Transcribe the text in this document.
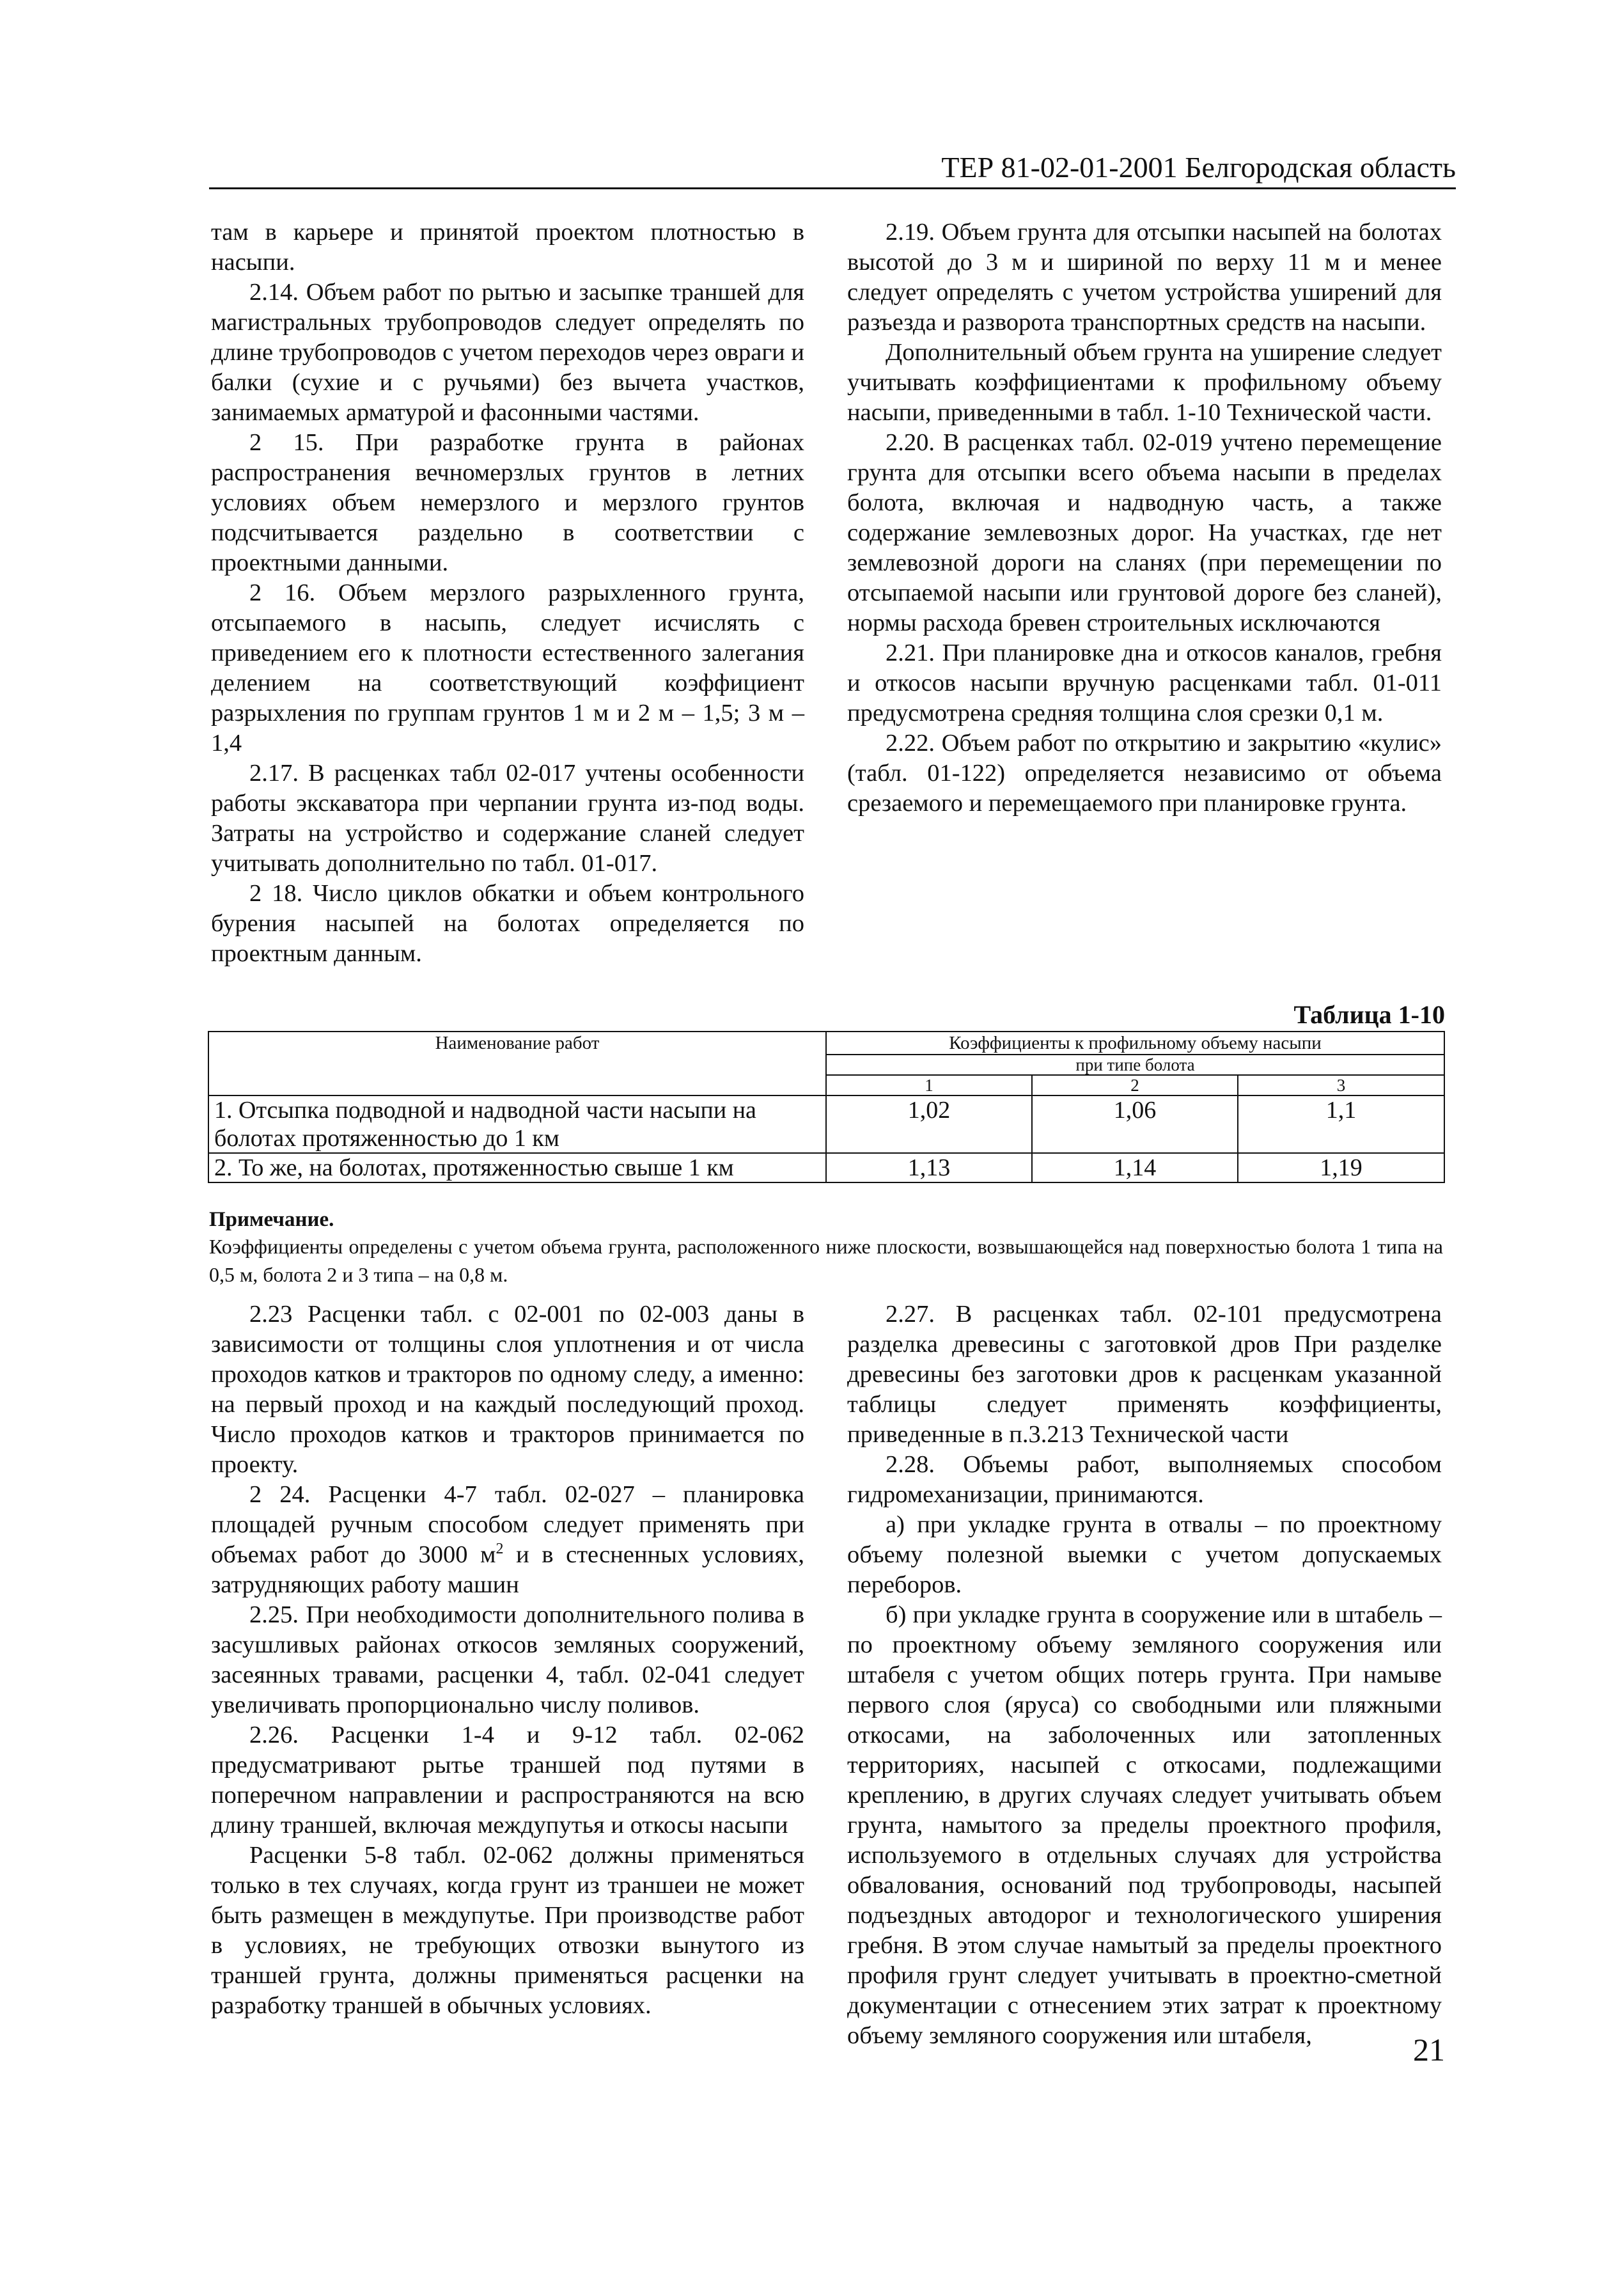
ТЕР 81-02-01-2001 Белгородская область

там в карьере и принятой проектом плотностью в насыпи.

2.14. Объем работ по рытью и засыпке траншей для магистральных трубопроводов следует определять по длине трубопроводов с учетом переходов через овраги и балки (сухие и с ручьями) без вычета участков, занимаемых арматурой и фасонными частями.

2 15. При разработке грунта в районах распространения вечномерзлых грунтов в летних условиях объем немерзлого и мерзлого грунтов подсчитывается раздельно в соответствии с проектными данными.

2 16. Объем мерзлого разрыхленного грунта, отсыпаемого в насыпь, следует исчислять с приведением его к плотности естественного залегания делением на соответствующий коэффициент разрыхления по группам грунтов 1 м и 2 м – 1,5; 3 м – 1,4

2.17. В расценках табл 02-017 учтены особенности работы экскаватора при черпании грунта из-под воды. Затраты на устройство и содержание сланей следует учитывать дополнительно по табл. 01-017.

2 18. Число циклов обкатки и объем контрольного бурения насыпей на болотах определяется по проектным данным.

2.19. Объем грунта для отсыпки насыпей на болотах высотой до 3 м и шириной по верху 11 м и менее следует определять с учетом устройства уширений для разъезда и разворота транспортных средств на насыпи.

Дополнительный объем грунта на уширение следует учитывать коэффициентами к профильному объему насыпи, приведенными в табл. 1-10 Технической части.

2.20. В расценках табл. 02-019 учтено перемещение грунта для отсыпки всего объема насыпи в пределах болота, включая и надводную часть, а также содержание землевозных дорог. На участках, где нет землевозной дороги на сланях (при перемещении по отсыпаемой насыпи или грунтовой дороге без сланей), нормы расхода бревен строительных исключаются

2.21. При планировке дна и откосов каналов, гребня и откосов насыпи вручную расценками табл. 01-011 предусмотрена средняя толщина слоя срезки 0,1 м.

2.22. Объем работ по открытию и закрытию «кулис» (табл. 01-122) определяется независимо от объема срезаемого и перемещаемого при планировке грунта.

Таблица 1-10
Наименование работ	Коэффициенты к профильному объему насыпи		
	при типе болота		
	1	2	3
1. Отсыпка подводной и надводной части насыпи на болотах протяженностью до 1 км	1,02	1,06	1,1
2. То же, на болотах, протяженностью свыше 1 км	1,13	1,14	1,19
Примечание.
Коэффициенты определены с учетом объема грунта, расположенного ниже плоскости, возвышающейся над поверхностью болота 1 типа на 0,5 м, болота 2 и 3 типа – на 0,8 м.

2.23 Расценки табл. с 02-001 по 02-003 даны в зависимости от толщины слоя уплотнения и от числа проходов катков и тракторов по одному следу, а именно: на первый проход и на каждый последующий проход. Число проходов катков и тракторов принимается по проекту.

2 24. Расценки 4-7 табл. 02-027 – планировка площадей ручным способом следует применять при объемах работ до 3000 $м^2$ и в стесненных условиях, затрудняющих работу машин

2.25. При необходимости дополнительного полива в засушливых районах откосов земляных сооружений, засеянных травами, расценки 4, табл. 02-041 следует увеличивать пропорционально числу поливов.

2.26. Расценки 1-4 и 9-12 табл. 02-062 предусматривают рытье траншей под путями в поперечном направлении и распространяются на всю длину траншей, включая междупутья и откосы насыпи

Расценки 5-8 табл. 02-062 должны применяться только в тех случаях, когда грунт из траншеи не может быть размещен в междупутье. При производстве работ в условиях, не требующих отвозки вынутого из траншей грунта, должны применяться расценки на разработку траншей в обычных условиях.

2.27. В расценках табл. 02-101 предусмотрена разделка древесины с заготовкой дров При разделке древесины без заготовки дров к расценкам указанной таблицы следует применять коэффициенты, приведенные в п.3.213 Технической части

2.28. Объемы работ, выполняемых способом гидромеханизации, принимаются.

а) при укладке грунта в отвалы – по проектному объему полезной выемки с учетом допускаемых переборов.

б) при укладке грунта в сооружение или в штабель – по проектному объему земляного сооружения или штабеля с учетом общих потерь грунта. При намыве первого слоя (яруса) со свободными или пляжными откосами, на заболоченных или затопленных территориях, насыпей с откосами, подлежащими креплению, в других случаях следует учитывать объем грунта, намытого за пределы проектного профиля, используемого в отдельных случаях для устройства обвалования, оснований под трубопроводы, насыпей подъездных автодорог и технологического уширения гребня. В этом случае намытый за пределы проектного профиля грунт следует учитывать в проектно-сметной документации с отнесением этих затрат к проектному объему земляного сооружения или штабеля,	21
